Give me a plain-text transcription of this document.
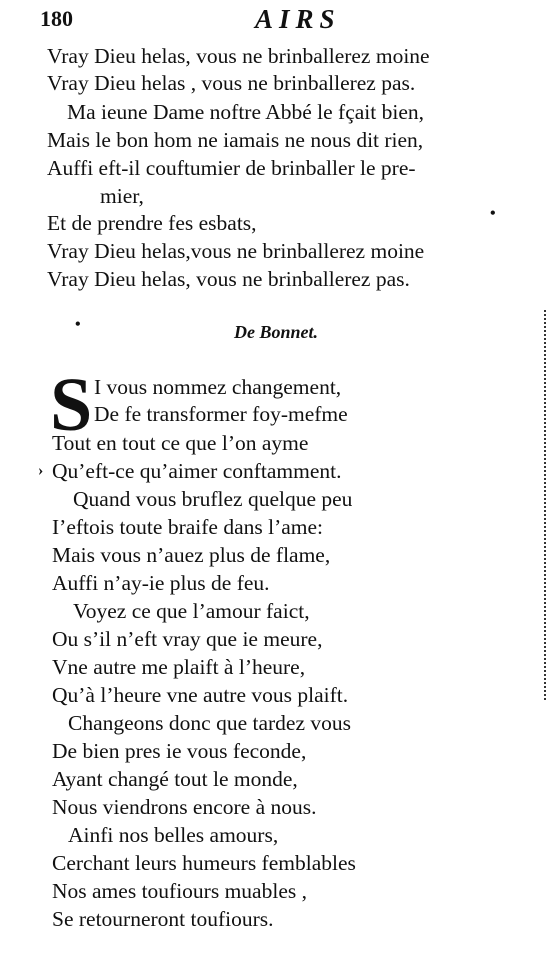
180	AIRS
Vray Dieu helas, vous ne brinballerez moine
Vray Dieu helas , vous ne brinballerez pas.
Ma ieune Dame noftre Abbé le fçait bien,
Mais le bon hom ne iamais ne nous dit rien,
Auffi eft-il couftumier de brinballer le pre-
mier,
Et de prendre fes esbats,
Vray Dieu helas,vous ne brinballerez moine
Vray Dieu helas, vous ne brinballerez pas.
•
•	De Bonnet.
S I vous nommez changement,
De fe transformer foy-mefme
Tout en tout ce que l’on ayme
Qu’eft-ce qu’aimer conftamment.
Quand vous bruflez quelque peu
I’eftois toute braife dans l’ame:
Mais vous n’auez plus de flame,
Auffi n’ay-ie plus de feu.
Voyez ce que l’amour faict,
Ou s’il n’eft vray que ie meure,
Vne autre me plaift à l’heure,
Qu’à l’heure vne autre vous plaift.
Changeons donc que tardez vous
De bien pres ie vous feconde,
Ayant changé tout le monde,
Nous viendrons encore à nous.
Ainfi nos belles amours,
Cerchant leurs humeurs femblables
Nos ames toufiours muables ,
Se retourneront toufiours.
›
